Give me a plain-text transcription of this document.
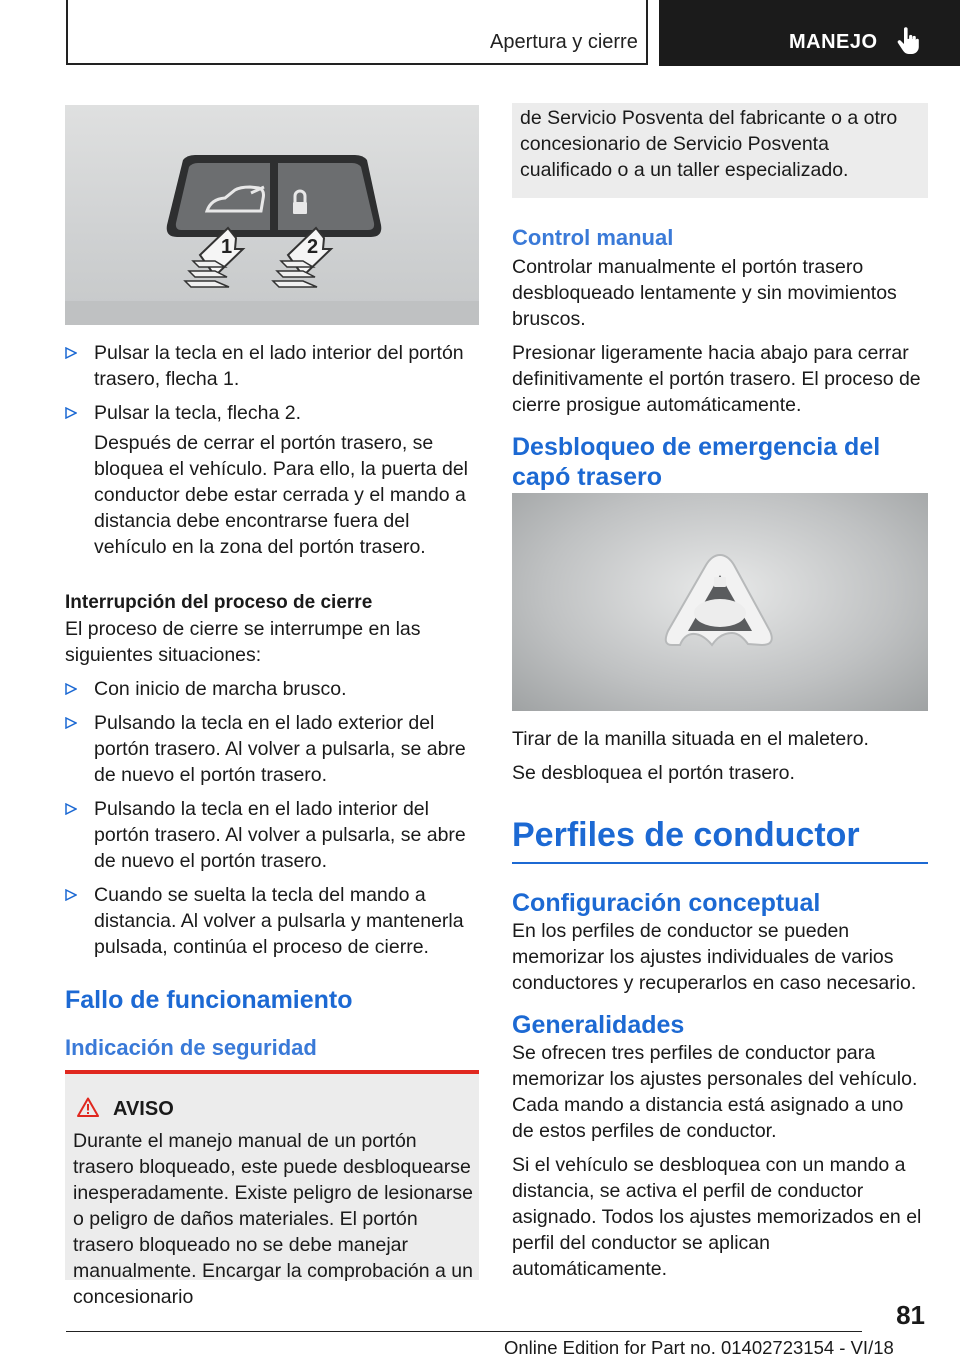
Apertura y cierre	MANEJO
1	2
Pulsar la tecla en el lado interior del portón trasero, flecha 1.
Pulsar la tecla, flecha 2.

Después de cerrar el portón trasero, se bloquea el vehículo. Para ello, la puerta del conductor debe estar cerrada y el mando a distancia debe encontrarse fuera del vehículo en la zona del portón trasero.

Interrupción del proceso de cierre

El proceso de cierre se interrumpe en las siguientes situaciones:

Con inicio de marcha brusco.
Pulsando la tecla en el lado exterior del portón trasero. Al volver a pulsarla, se abre de nuevo el portón trasero.
Pulsando la tecla en el lado interior del portón trasero. Al volver a pulsarla, se abre de nuevo el portón trasero.
Cuando se suelta la tecla del mando a distancia. Al volver a pulsarla y mantenerla pulsada, continúa el proceso de cierre.
Fallo de funcionamiento
Indicación de seguridad

Durante el manejo manual de un portón trasero bloqueado, este puede desbloquearse inesperadamente. Existe peligro de lesionarse o peligro de daños materiales. El portón trasero bloqueado no se debe manejar manualmente. Encargar la comprobación a un concesionario

AVISO

de Servicio Posventa del fabricante o a otro concesionario de Servicio Posventa cualificado o a un taller especializado.

Control manual

Controlar manualmente el portón trasero desbloqueado lentamente y sin movimientos bruscos.

Presionar ligeramente hacia abajo para cerrar definitivamente el portón trasero. El proceso de cierre prosigue automáticamente.

Desbloqueo de emergencia del capó trasero

Tirar de la manilla situada en el maletero.

Se desbloquea el portón trasero.

Perfiles de conductor
Configuración conceptual

En los perfiles de conductor se pueden memorizar los ajustes individuales de varios conductores y recuperarlos en caso necesario.

Generalidades

Se ofrecen tres perfiles de conductor para memorizar los ajustes personales del vehículo. Cada mando a distancia está asignado a uno de estos perfiles de conductor.

Si el vehículo se desbloquea con un mando a distancia, se activa el perfil de conductor asignado. Todos los ajustes memorizados en el perfil del conductor se aplican automáticamente.

81
Online Edition for Part no. 01402723154 - VI/18
